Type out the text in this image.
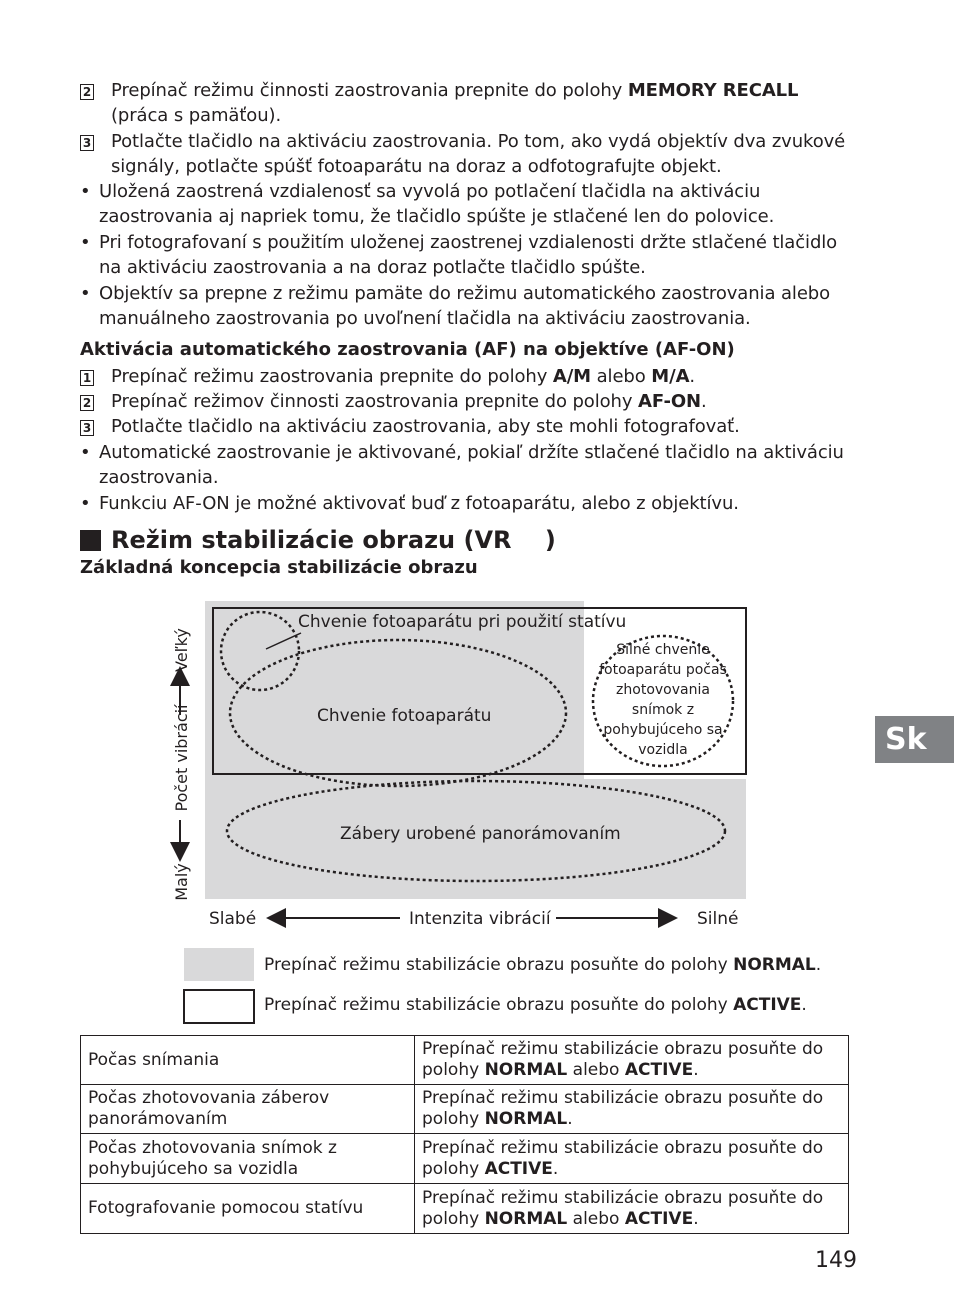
2 Prepínač režimu činnosti zaostrovania prepnite do polohy MEMORY RECALL
(práca s pamäťou).
3 Potlačte tlačidlo na aktiváciu zaostrovania. Po tom, ako vydá objektív dva zvukové
signály, potlačte spúšť fotoaparátu na doraz a odfotografujte objekt.
• Uložená zaostrená vzdialenosť sa vyvolá po potlačení tlačidla na aktiváciu
zaostrovania aj napriek tomu, že tlačidlo spúšte je stlačené len do polovice.
• Pri fotografovaní s použitím uloženej zaostrenej vzdialenosti držte stlačené tlačidlo
na aktiváciu zaostrovania a na doraz potlačte tlačidlo spúšte.
• Objektív sa prepne z režimu pamäte do režimu automatického zaostrovania alebo
manuálneho zaostrovania po uvoľnení tlačidla na aktiváciu zaostrovania.
Aktivácia automatického zaostrovania (AF) na objektíve (AF-ON)
1 Prepínač režimu zaostrovania prepnite do polohy A/M alebo M/A.
2 Prepínač režimov činnosti zaostrovania prepnite do polohy AF-ON.
3 Potlačte tlačidlo na aktiváciu zaostrovania, aby ste mohli fotografovať.
• Automatické zaostrovanie je aktivované, pokiaľ držíte stlačené tlačidlo na aktiváciu
zaostrovania.
• Funkciu AF-ON je možné aktivovať buď z fotoaparátu, alebo z objektívu.
Režim stabilizácie obrazu (VR    )
Základná koncepcia stabilizácie obrazu
Chvenie fotoaparátu pri použití statívu
Chvenie fotoaparátu
Silné chvenie
fotoaparátu počas
zhotovovania
snímok z
pohybujúceho sa
vozidla
Zábery urobené panorámovaním
Veľký
Počet vibrácií
Malý
Slabé	Intenzita vibrácií	Silné
Prepínač režimu stabilizácie obrazu posuňte do polohy NORMAL.
Prepínač režimu stabilizácie obrazu posuňte do polohy ACTIVE.
Počas snímania	Prepínač režimu stabilizácie obrazu posuňte do polohy NORMAL alebo ACTIVE.
Počas zhotovovania záberov panorámovaním	Prepínač režimu stabilizácie obrazu posuňte do polohy NORMAL.
Počas zhotovovania snímok z pohybujúceho sa vozidla	Prepínač režimu stabilizácie obrazu posuňte do polohy ACTIVE.
Fotografovanie pomocou statívu	Prepínač režimu stabilizácie obrazu posuňte do polohy NORMAL alebo ACTIVE.
Sk
149
